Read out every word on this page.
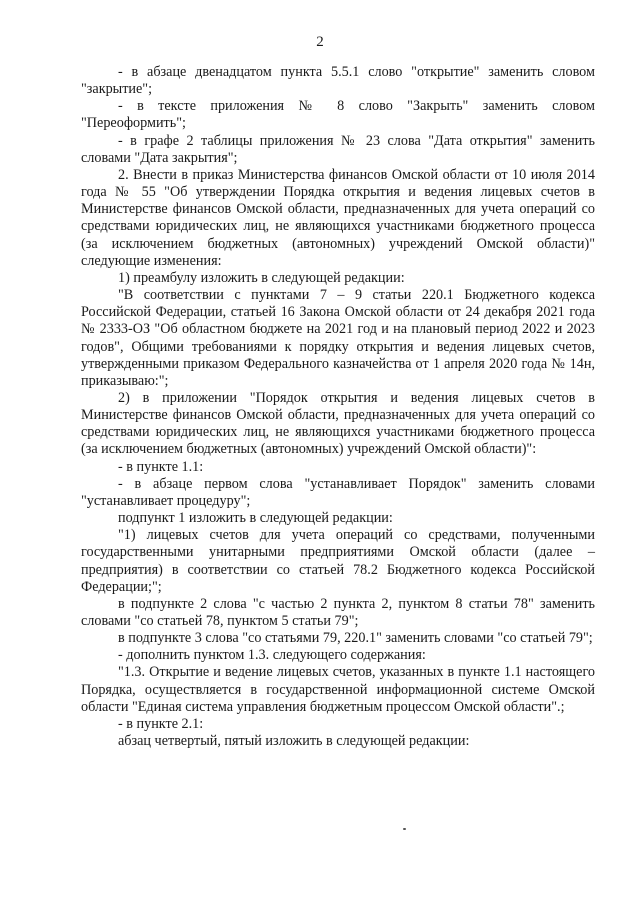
2

- в абзаце двенадцатом пункта 5.5.1 слово "открытие" заменить словом "закрытие";

- в тексте приложения № 8 слово "Закрыть" заменить словом "Переоформить";

- в графе 2 таблицы приложения № 23 слова "Дата открытия" заменить словами "Дата закрытия";

2. Внести в приказ Министерства финансов Омской области от 10 июля 2014 года № 55 "Об утверждении Порядка открытия и ведения лицевых счетов в Министерстве финансов Омской области, предназначенных для учета операций со средствами юридических лиц, не являющихся участниками бюджетного процесса (за исключением бюджетных (автономных) учреждений Омской области)" следующие изменения:

1) преамбулу изложить в следующей редакции:

"В соответствии с пунктами 7 – 9 статьи 220.1 Бюджетного кодекса Российской Федерации, статьей 16 Закона Омской области от 24 декабря 2021 года № 2333-ОЗ "Об областном бюджете на 2021 год и на плановый период 2022 и 2023 годов", Общими требованиями к порядку открытия и ведения лицевых счетов, утвержденными приказом Федерального казначейства от 1 апреля 2020 года № 14н, приказываю:";

2) в приложении "Порядок открытия и ведения лицевых счетов в Министерстве финансов Омской области, предназначенных для учета операций со средствами юридических лиц, не являющихся участниками бюджетного процесса (за исключением бюджетных (автономных) учреждений Омской области)":

- в пункте 1.1:

- в абзаце первом слова "устанавливает Порядок" заменить словами "устанавливает процедуру";

подпункт 1 изложить в следующей редакции:

"1) лицевых счетов для учета операций со средствами, полученными государственными унитарными предприятиями Омской области (далее – предприятия) в соответствии со статьей 78.2 Бюджетного кодекса Российской Федерации;";

в подпункте 2 слова "с частью 2 пункта 2, пунктом 8 статьи 78" заменить словами "со статьей 78, пунктом 5 статьи 79";

в подпункте 3 слова "со статьями 79, 220.1" заменить словами "со статьей 79";

- дополнить пунктом 1.3. следующего содержания:

"1.3. Открытие и ведение лицевых счетов, указанных в пункте 1.1 настоящего Порядка, осуществляется в государственной информационной системе Омской области "Единая система управления бюджетным процессом Омской области".;

- в пункте 2.1:

абзац четвертый, пятый изложить в следующей редакции:
